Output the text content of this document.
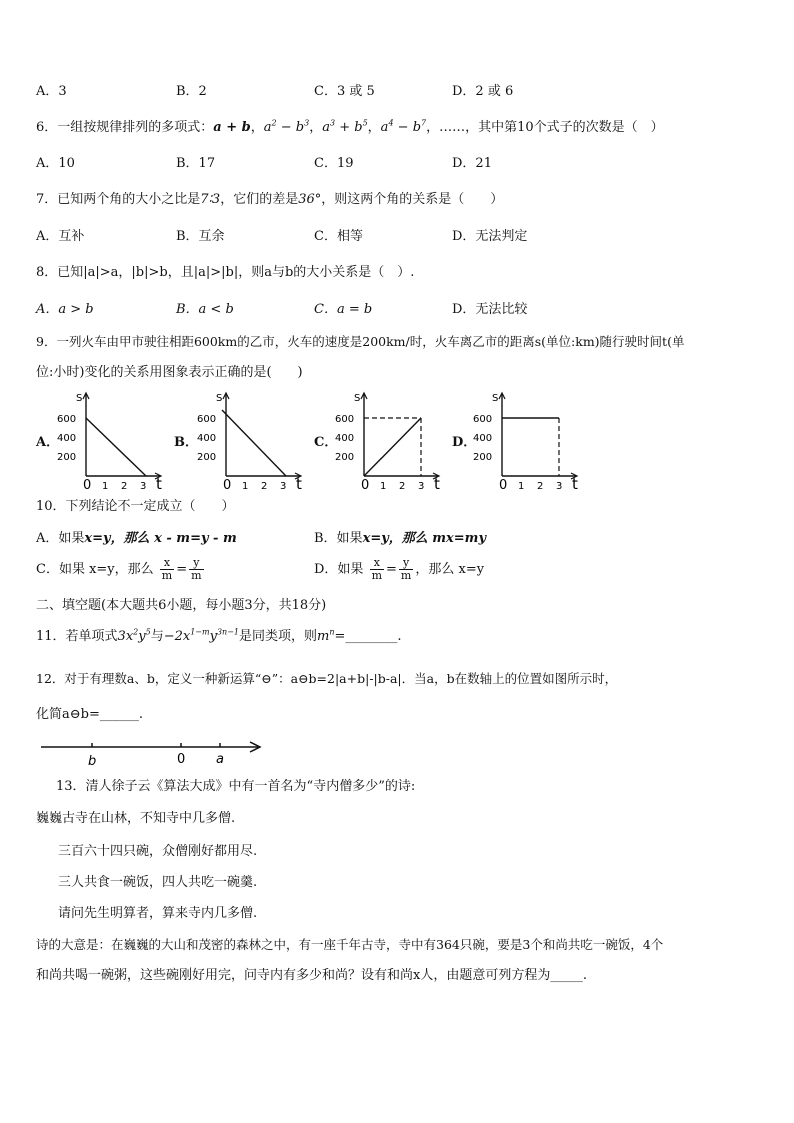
A．3	B．2	C．3 或 5	D．2 或 6
6．一组按规律排列的多项式：a + b，$a^2 - b^3$，$a^3 + b^5$，$a^4 - b^7$，……，其中第10个式子的次数是（　）
A．10	B．17	C．19	D．21
7．已知两个角的大小之比是7∶3，它们的差是36°，则这两个角的关系是（　　）
A．互补	B．互余	C．相等	D．无法判定
8．已知|a|>a，|b|>b，且|a|>|b|，则a与b的大小关系是（　）.
A．a > b	B．a < b	C．a = b	D．无法比较
9．一列火车由甲市驶往相距600km的乙市，火车的速度是200km/时，火车离乙市的距离s(单位:km)随行驶时间t(单
位:小时)变化的关系用图象表示正确的是(　　)
A．	B．	C．	D．
S
t
600
400
200
0 1 2 3
S
t
600
400
200
0 1 2 3
S
t
600
400
200
0 1 2 3
S
t
600
400
200
0 1 2 3
10．下列结论不一定成立（　　）
A．如果x=y，那么 x - m=y - m	B．如果x=y，那么 mx=my
C．如果 x=y，那么 $\frac{x}{m} = \frac{y}{m}$	D．如果 $\frac{x}{m} = \frac{y}{m}$ ，那么 x=y
二、填空题(本大题共6小题，每小题3分，共18分)
11．若单项式$3x^2y^5$与$-2x^{1-m}y^{3n-1}$是同类项，则$m^n=\_\_\_\_\_\_\_\_$.
12．对于有理数a、b，定义一种新运算“⊖”：a⊖b=2|a+b|-|b-a|．当a，b在数轴上的位置如图所示时，
化简a⊖b=______.
b	0 a
13．清人徐子云《算法大成》中有一首名为“寺内僧多少”的诗:
巍巍古寺在山林，不知寺中几多僧.
三百六十四只碗，众僧刚好都用尽.
三人共食一碗饭，四人共吃一碗羹.
请问先生明算者，算来寺内几多僧.
诗的大意是：在巍巍的大山和茂密的森林之中，有一座千年古寺，寺中有364只碗，要是3个和尚共吃一碗饭，4个
和尚共喝一碗粥，这些碗刚好用完，问寺内有多少和尚？设有和尚x人，由题意可列方程为_____.
